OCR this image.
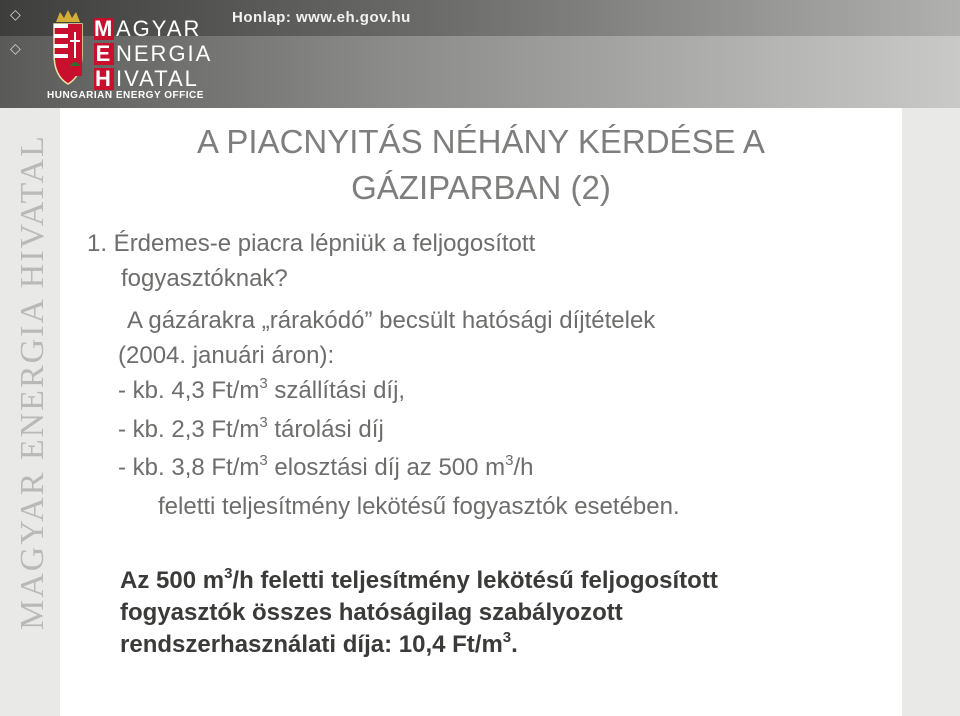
◇
◇
Honlap: www.eh.gov.hu
MAGYAR
E NERGIA
H IVATAL
HUNGARIAN ENERGY OFFICE
MAGYAR ENERGIA HIVATAL	A PIACNYITÁS NÉHÁNY KÉRDÉSE A
GÁZIPARBAN (2)
1. Érdemes-e piacra lépniük a feljogosított
fogyasztóknak?
A gázárakra „rárakódó” becsült hatósági díjtételek
(2004. januári áron):
- kb. 4,3 $Ft/m^3$ szállítási díj,
- kb. 2,3 $Ft/m^3$ tárolási díj
- kb. 3,8 $Ft/m^3$ elosztási díj az 500 $m^3/h$
feletti teljesítmény lekötésű fogyasztók esetében.
Az 500 $m^3/h$ feletti teljesítmény lekötésű feljogosított
fogyasztók összes hatóságilag szabályozott
rendszerhasználati díja: 10,4 $Ft/m^3$.
